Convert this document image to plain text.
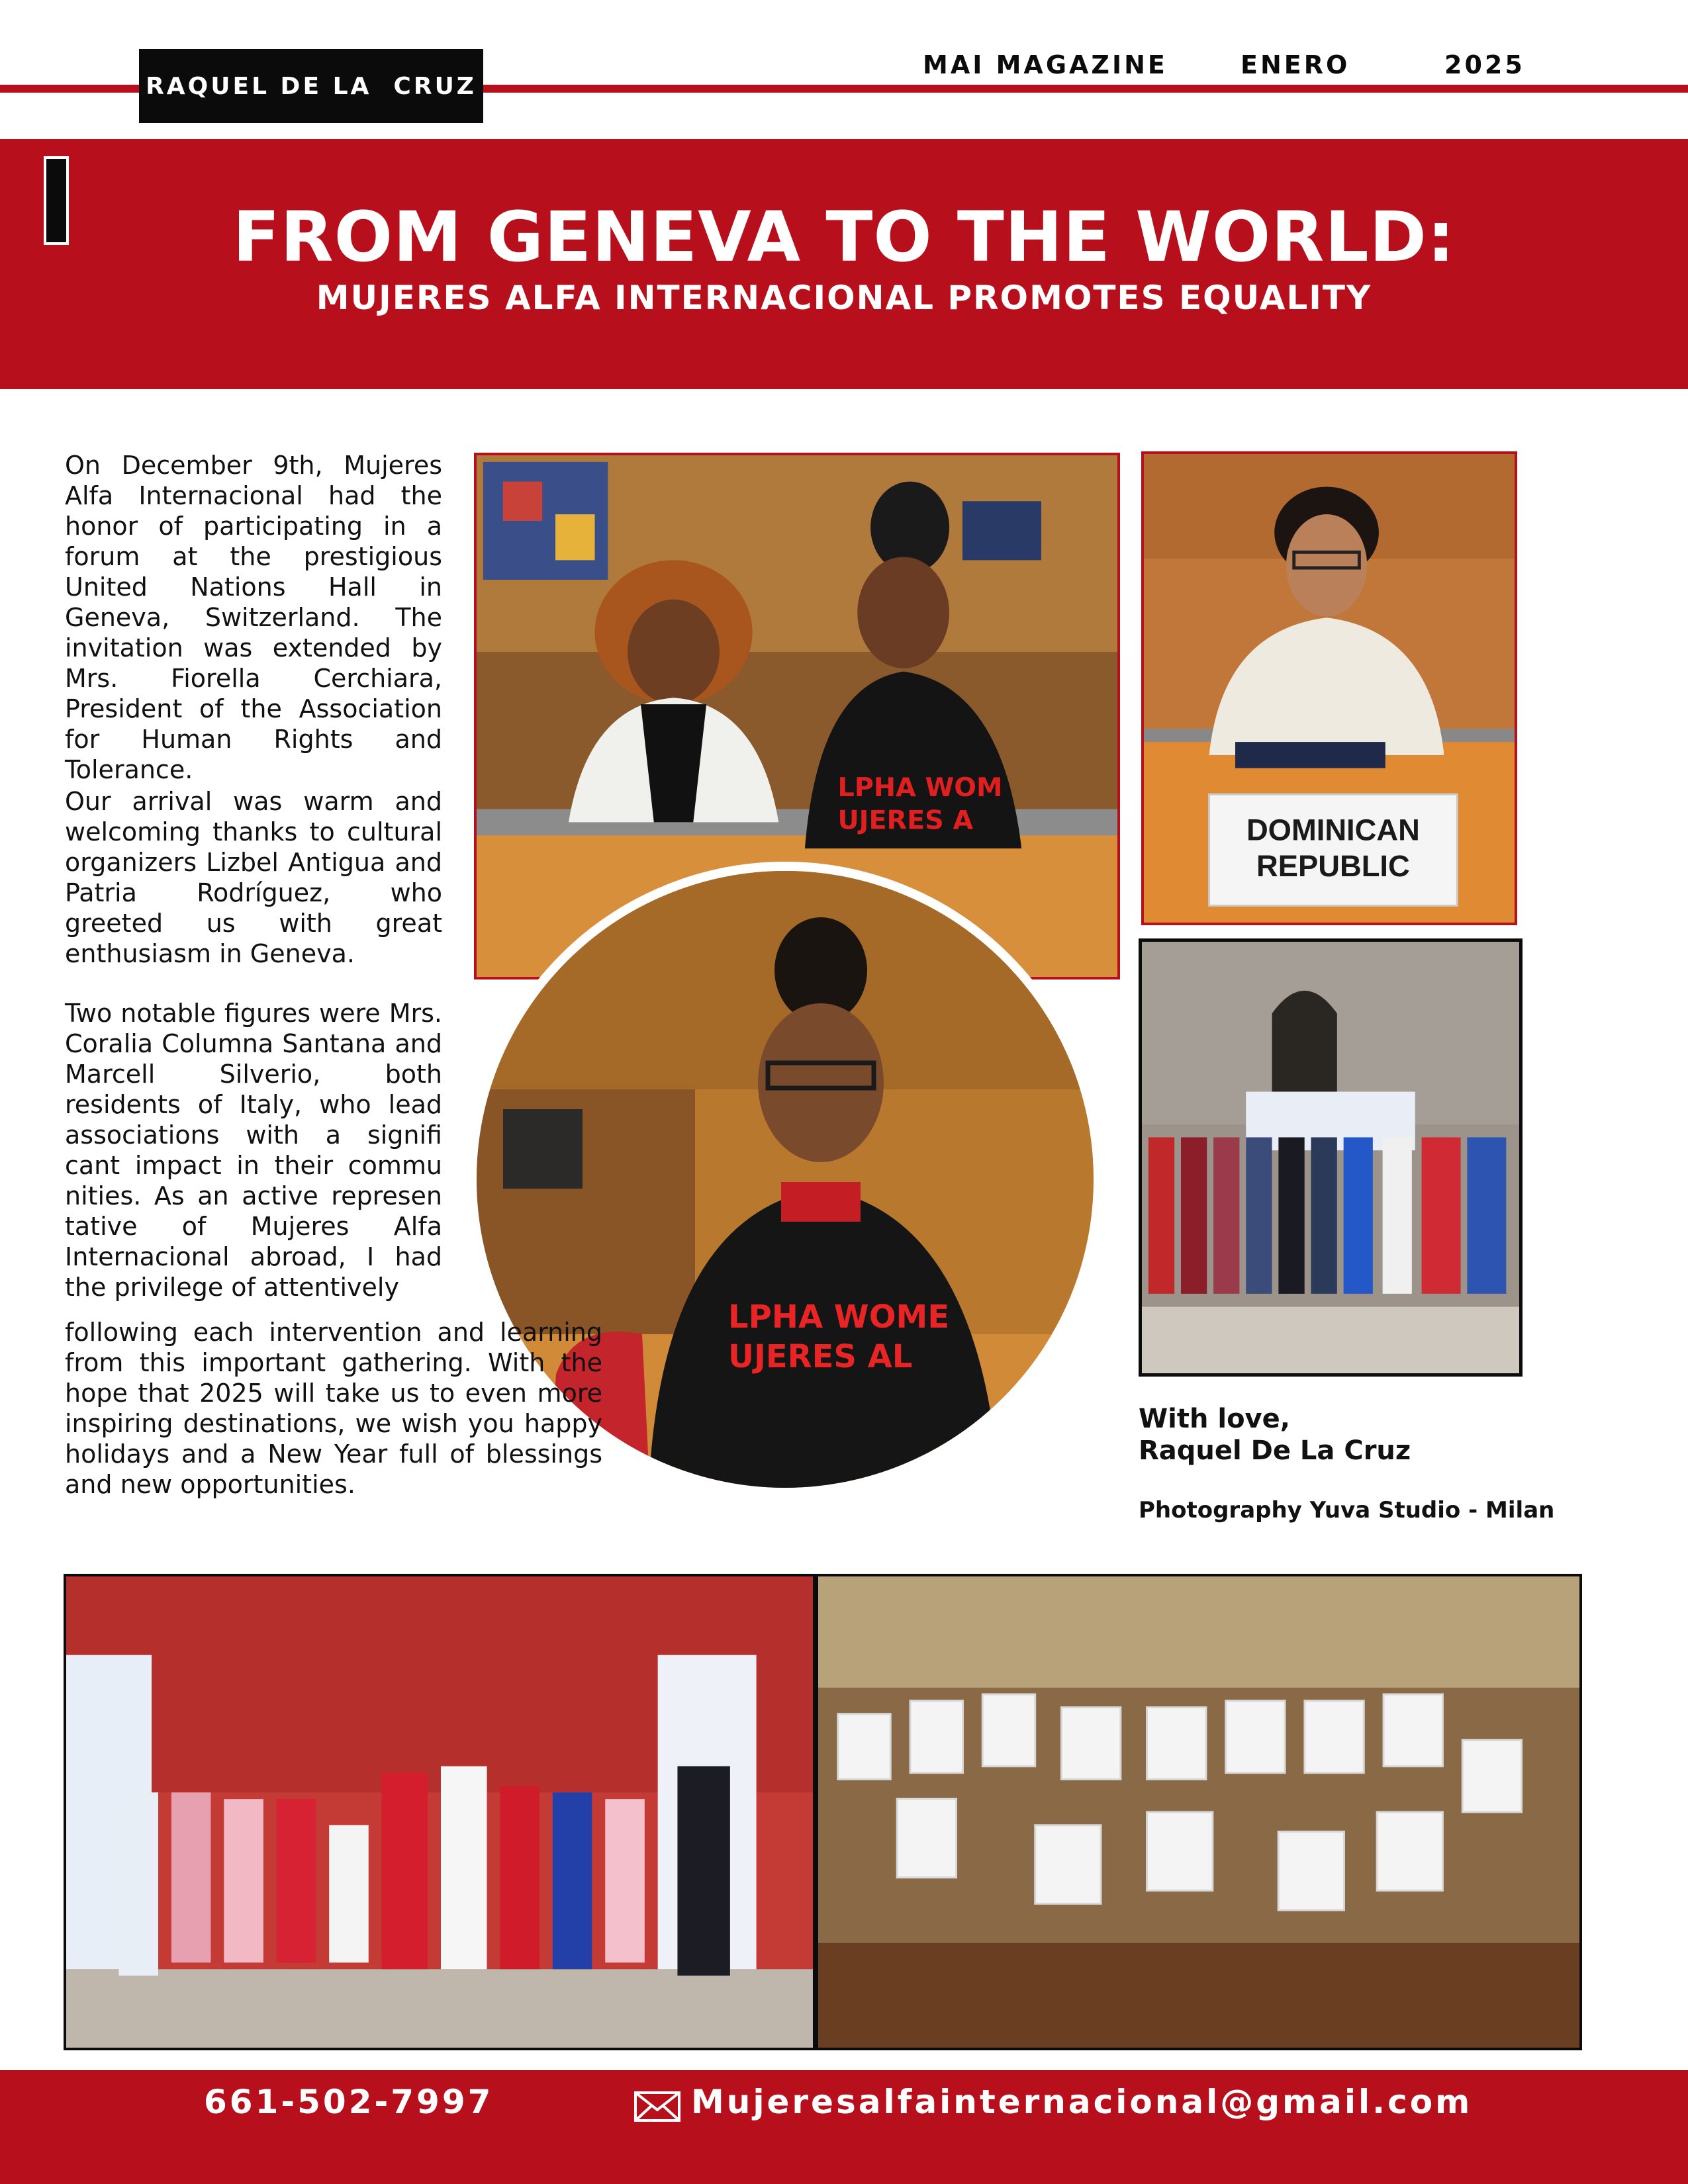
RAQUEL DE LA  CRUZ
MAI MAGAZINE	ENERO	2025
FROM GENEVA TO THE WORLD:
MUJERES ALFA INTERNACIONAL PROMOTES EQUALITY
On December 9th, Mujeres Alfa Internacional had the honor of participating in a forum at the prestigious United Nations Hall in Geneva, Switzerland. The invitation was extended by Mrs. Fiorella Cerchiara, President of the Association for Human Rights and Tolerance.
Our arrival was warm and welcoming thanks to cultural organizers Lizbel Antigua and Patria Rodríguez, who greeted us with great enthusiasm in Geneva.
Two notable figures were Mrs. Coralia Columna Santana and Marcell Silverio, both residents of Italy, who lead associations with a signifi cant impact in their commu nities. As an active represen tative of Mujeres Alfa Internacional abroad, I had the privilege of attentively
LPHA WOM
UJERES A	DOMINICAN
REPUBLIC
LPHA WOME
UJERES AL
following each intervention and learning from this important gathering. With the hope that 2025 will take us to even more inspiring destinations, we wish you happy holidays and a New Year full of blessings and new opportunities.
With love,
Raquel De La Cruz
Photography Yuva Studio - Milan
661-502-7997	Mujeresalfainternacional@gmail.com
